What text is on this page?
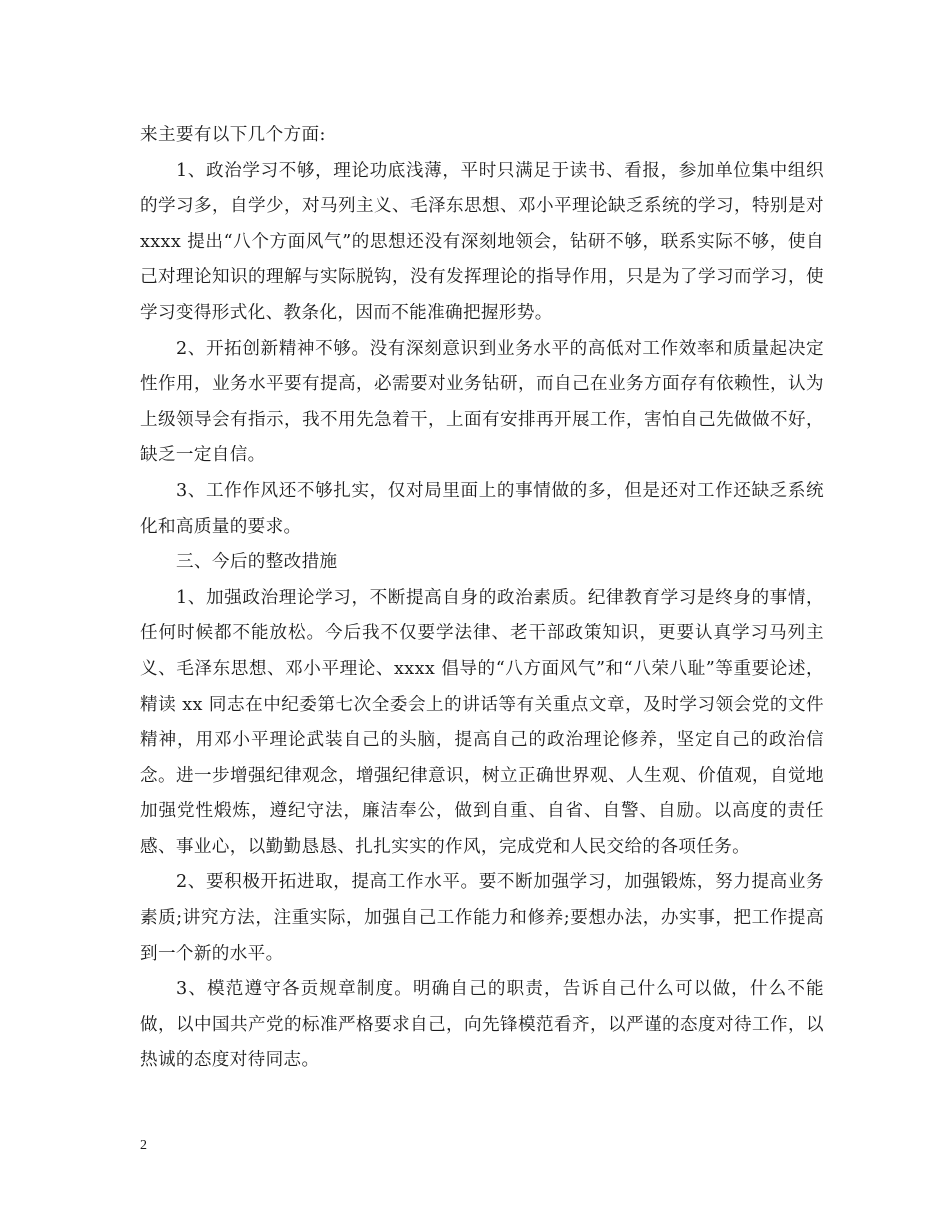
来主要有以下几个方面:

1、政治学习不够，理论功底浅薄，平时只满足于读书、看报，参加单位集中组织的学习多，自学少，对马列主义、毛泽东思想、邓小平理论缺乏系统的学习，特别是对 xxxx 提出“八个方面风气”的思想还没有深刻地领会，钻研不够，联系实际不够，使自己对理论知识的理解与实际脱钩，没有发挥理论的指导作用，只是为了学习而学习，使学习变得形式化、教条化，因而不能准确把握形势。

2、开拓创新精神不够。没有深刻意识到业务水平的高低对工作效率和质量起决定性作用，业务水平要有提高，必需要对业务钻研，而自己在业务方面存有依赖性，认为上级领导会有指示，我不用先急着干，上面有安排再开展工作，害怕自己先做做不好，缺乏一定自信。

3、工作作风还不够扎实，仅对局里面上的事情做的多，但是还对工作还缺乏系统化和高质量的要求。

三、今后的整改措施

1、加强政治理论学习，不断提高自身的政治素质。纪律教育学习是终身的事情，任何时候都不能放松。今后我不仅要学法律、老干部政策知识，更要认真学习马列主义、毛泽东思想、邓小平理论、xxxx 倡导的“八方面风气”和“八荣八耻”等重要论述，精读 xx 同志在中纪委第七次全委会上的讲话等有关重点文章，及时学习领会党的文件精神，用邓小平理论武装自己的头脑，提高自己的政治理论修养，坚定自己的政治信念。进一步增强纪律观念，增强纪律意识，树立正确世界观、人生观、价值观，自觉地加强党性煅炼，遵纪守法，廉洁奉公，做到自重、自省、自警、自励。以高度的责任感、事业心，以勤勤恳恳、扎扎实实的作风，完成党和人民交给的各项任务。

2、要积极开拓进取，提高工作水平。要不断加强学习，加强锻炼，努力提高业务素质;讲究方法，注重实际，加强自己工作能力和修养;要想办法，办实事，把工作提高到一个新的水平。

3、模范遵守各贡规章制度。明确自己的职责，告诉自己什么可以做，什么不能做，以中国共产党的标准严格要求自己，向先锋模范看齐，以严谨的态度对待工作，以热诚的态度对待同志。

2
